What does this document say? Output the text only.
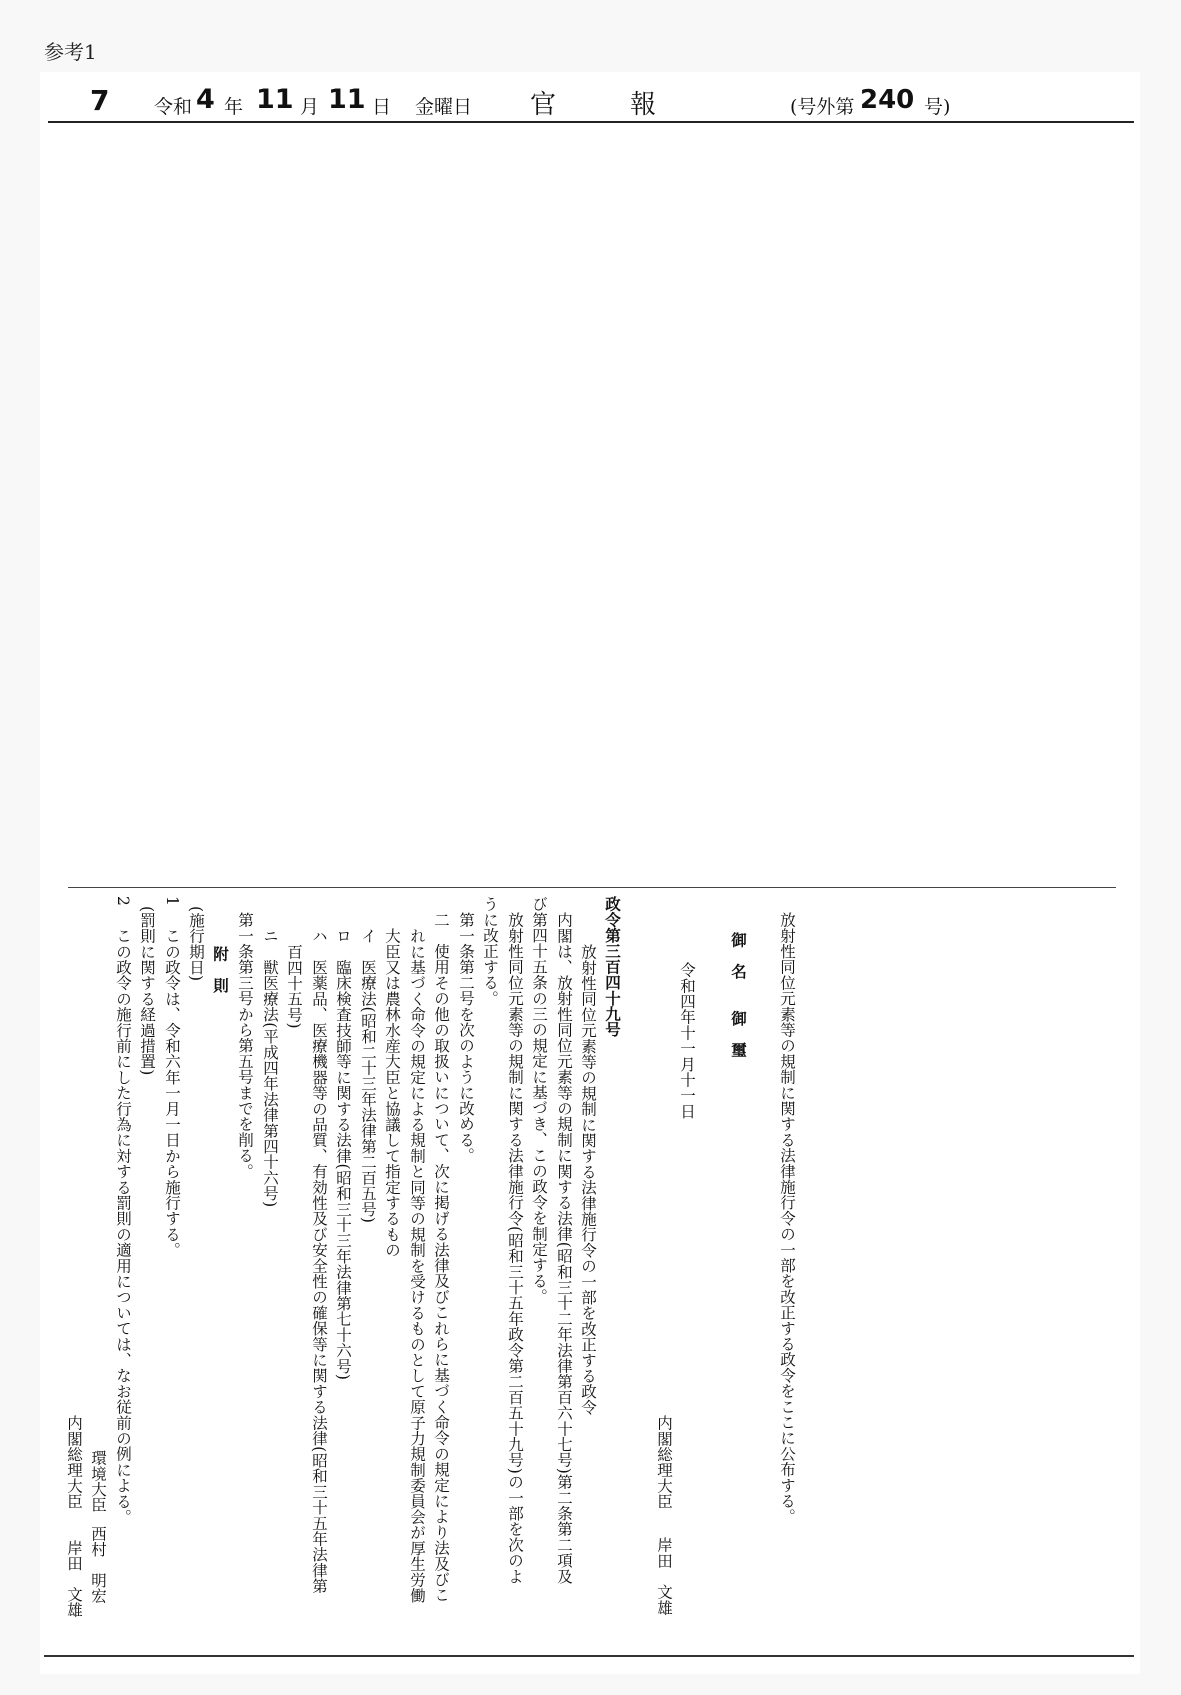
参考1
7 令和 4 年 11 月 11 日 金曜日 官	報	(号外第 240 号)
放射性同位元素等の規制に関する法律施行令の一部を改正する政令をここに公布する。
御　名　　御　璽
令和四年十一月十一日
内閣総理大臣
岸田　文雄
政令第三百四十九号
放射性同位元素等の規制に関する法律施行令の一部を改正する政令
内閣は、放射性同位元素等の規制に関する法律(昭和三十二年法律第百六十七号)第二条第二項及
び第四十五条の三の規定に基づき、この政令を制定する。
放射性同位元素等の規制に関する法律施行令(昭和三十五年政令第二百五十九号)の一部を次のよ
うに改正する。
第一条第二号を次のように改める。
二　使用その他の取扱いについて、次に掲げる法律及びこれらに基づく命令の規定により法及びこ
れに基づく命令の規定による規制と同等の規制を受けるものとして原子力規制委員会が厚生労働
大臣又は農林水産大臣と協議して指定するもの
イ　医療法(昭和二十三年法律第二百五号)
ロ　臨床検査技師等に関する法律(昭和三十三年法律第七十六号)
ハ　医薬品、医療機器等の品質、有効性及び安全性の確保等に関する法律(昭和三十五年法律第
百四十五号)
ニ　獣医療法(平成四年法律第四十六号)
第一条第三号から第五号までを削る。
附　則
(施行期日)
1
この政令は、令和六年一月一日から施行する。
(罰則に関する経過措置)
2
この政令の施行前にした行為に対する罰則の適用については、なお従前の例による。
環境大臣
西村　明宏
内閣総理大臣
岸田　文雄
